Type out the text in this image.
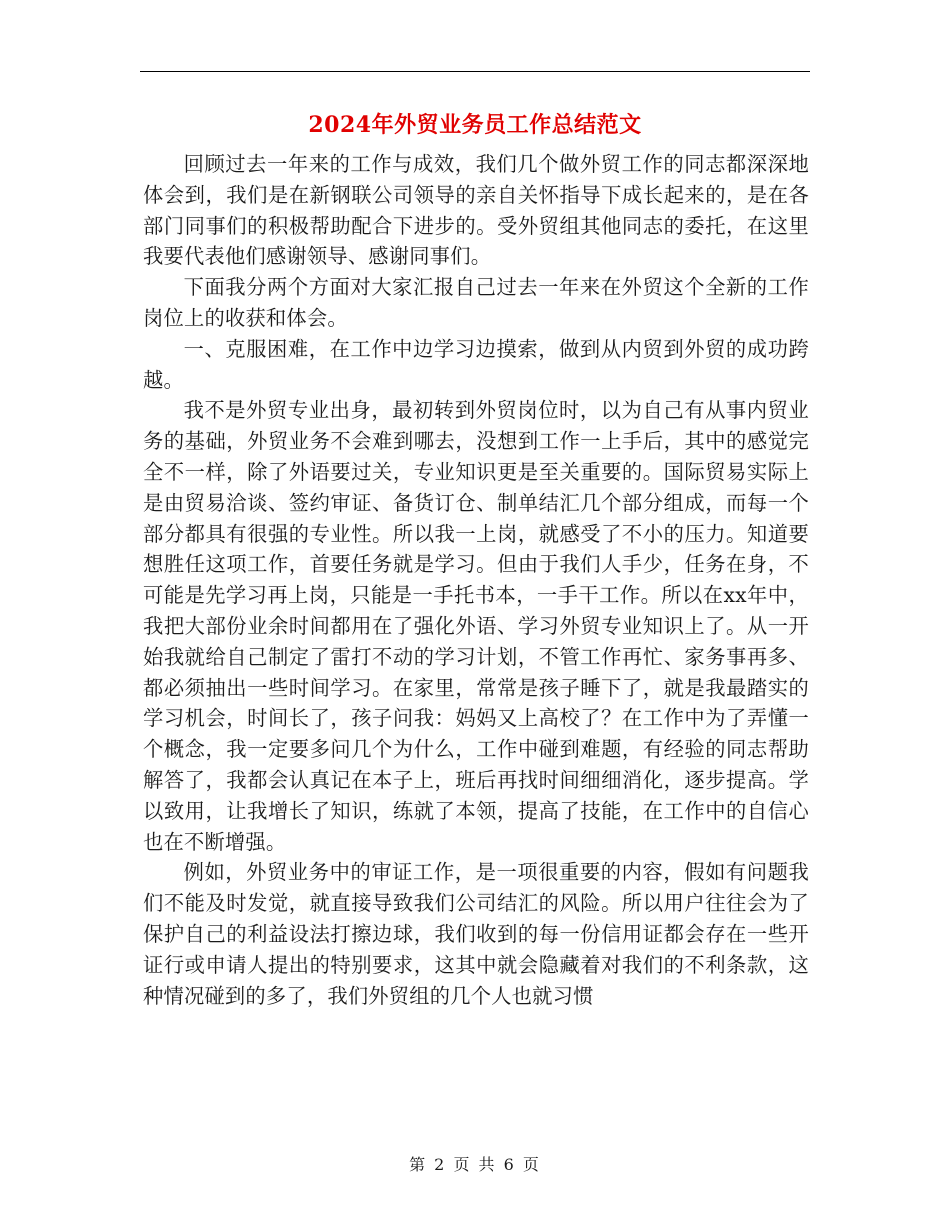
2024年外贸业务员工作总结范文

回顾过去一年来的工作与成效，我们几个做外贸工作的同志都深深地体会到，我们是在新钢联公司领导的亲自关怀指导下成长起来的，是在各部门同事们的积极帮助配合下进步的。受外贸组其他同志的委托，在这里我要代表他们感谢领导、感谢同事们。

下面我分两个方面对大家汇报自己过去一年来在外贸这个全新的工作岗位上的收获和体会。

一、克服困难，在工作中边学习边摸索，做到从内贸到外贸的成功跨越。

我不是外贸专业出身，最初转到外贸岗位时，以为自己有从事内贸业务的基础，外贸业务不会难到哪去，没想到工作一上手后，其中的感觉完全不一样，除了外语要过关，专业知识更是至关重要的。国际贸易实际上是由贸易洽谈、签约审证、备货订仓、制单结汇几个部分组成，而每一个部分都具有很强的专业性。所以我一上岗，就感受了不小的压力。知道要想胜任这项工作，首要任务就是学习。但由于我们人手少，任务在身，不可能是先学习再上岗，只能是一手托书本，一手干工作。所以在xx年中，我把大部份业余时间都用在了强化外语、学习外贸专业知识上了。从一开始我就给自己制定了雷打不动的学习计划，不管工作再忙、家务事再多、都必须抽出一些时间学习。在家里，常常是孩子睡下了，就是我最踏实的学习机会，时间长了，孩子问我：妈妈又上高校了？在工作中为了弄懂一个概念，我一定要多问几个为什么，工作中碰到难题，有经验的同志帮助解答了，我都会认真记在本子上，班后再找时间细细消化，逐步提高。学以致用，让我增长了知识，练就了本领，提高了技能，在工作中的自信心也在不断增强。

例如，外贸业务中的审证工作，是一项很重要的内容，假如有问题我们不能及时发觉，就直接导致我们公司结汇的风险。所以用户往往会为了保护自己的利益设法打擦边球，我们收到的每一份信用证都会存在一些开证行或申请人提出的特别要求，这其中就会隐藏着对我们的不利条款，这种情况碰到的多了，我们外贸组的几个人也就习惯

第 2 页 共 6 页
